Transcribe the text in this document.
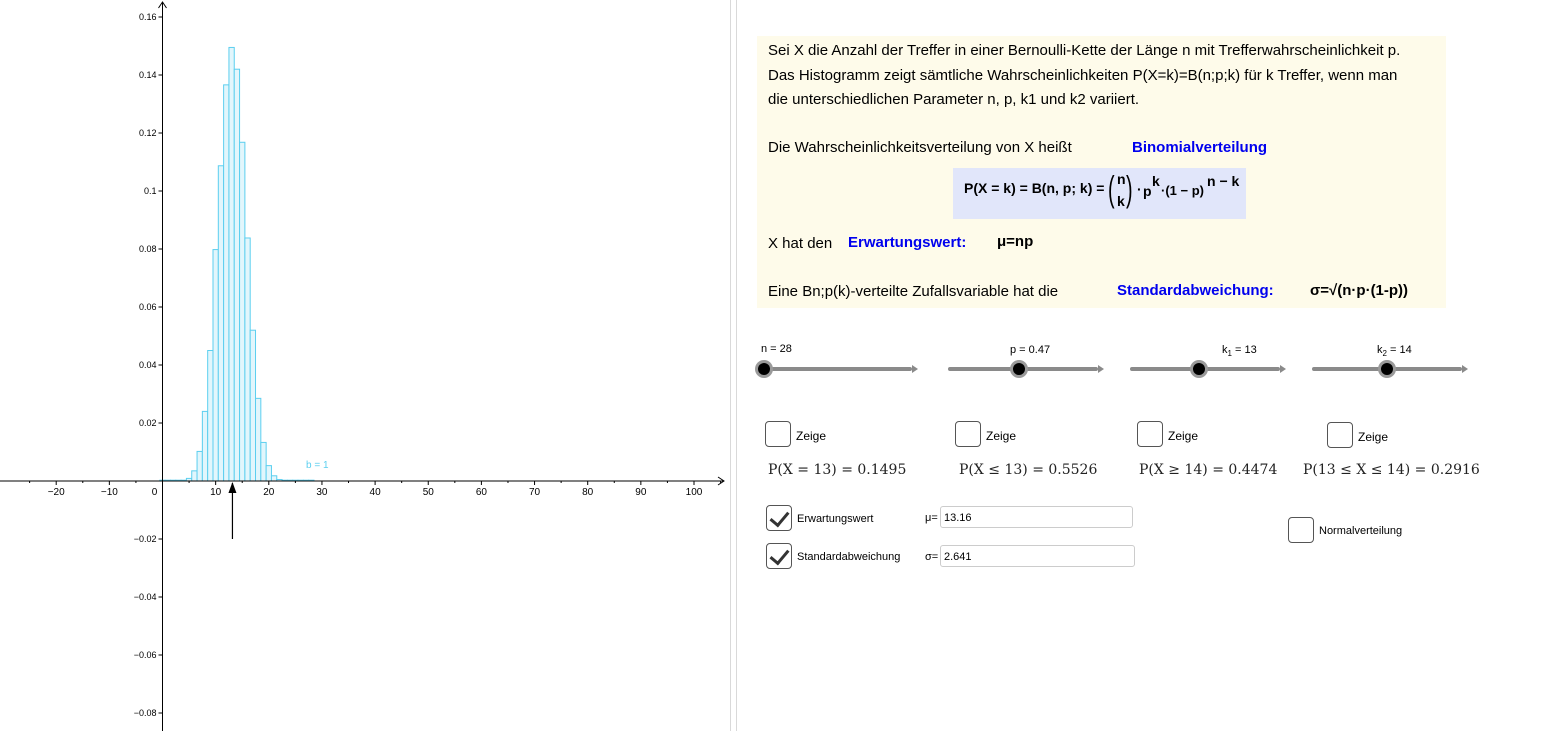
−20	−10	0	10	20	30	40	50	60	70	80	90	100
0.16
0.14
0.12
0.1
0.08
0.06
0.04
0.02
−0.02
−0.04
−0.06
−0.08
b = 1
Sei X die Anzahl der Treffer in einer Bernoulli-Kette der Länge n mit Trefferwahrscheinlichkeit p.
Das Histogramm zeigt sämtliche Wahrscheinlichkeiten P(X=k)=B(n;p;k) für k Treffer, wenn man
die unterschiedlichen Parameter n, p, k1 und k2 variiert.
Die Wahrscheinlichkeitsverteilung von X heißt	Binomialverteilung
P(X = k) = B(n, p; k) = ( n
k ) · p
k
·(1 − p)
n − k
X hat den Erwartungswert: μ=np
Eine Bn;p(k)-verteilte Zufallsvariable hat die	Standardabweichung: σ=√(n·p·(1-p))
n = 28	p = 0.47	$k_1 = 13$	$k_2 = 14$
Zeige	Zeige	Zeige	Zeige
P(X = 13) = 0.1495	P(X ≤ 13) = 0.5526	P(X ≥ 14) = 0.4474 P(13 ≤ X ≤ 14) = 0.2916
Erwartungswert	μ= 13.16
Standardabweichung σ= 2.641
Normalverteilung
